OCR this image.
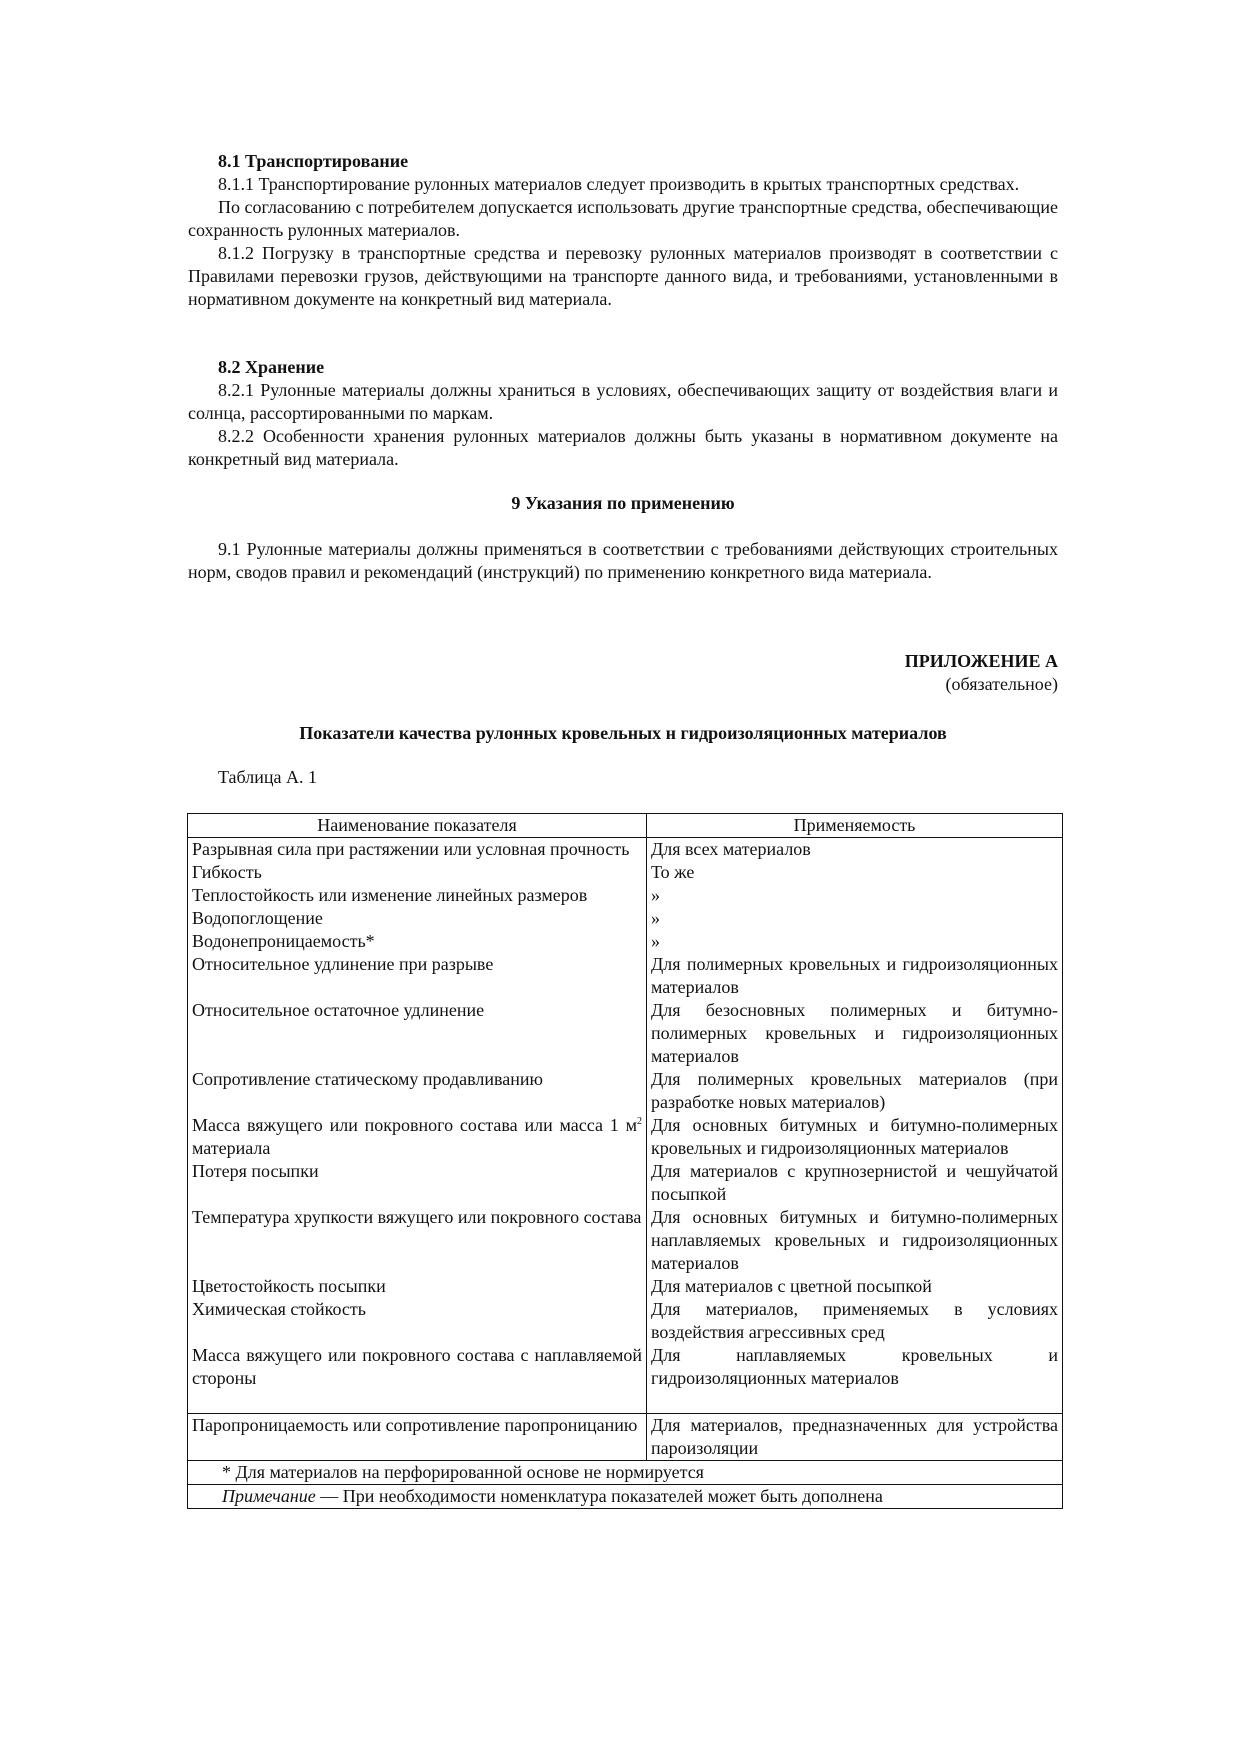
8.1 Транспортирование

8.1.1 Транспортирование рулонных материалов следует производить в крытых транспортных средствах.

По согласованию с потребителем допускается использовать другие транспортные средства, обеспечивающие сохранность рулонных материалов.

8.1.2 Погрузку в транспортные средства и перевозку рулонных материалов производят в соответствии с Правилами перевозки грузов, действующими на транспорте данного вида, и требованиями, установленными в нормативном документе на конкретный вид материала.

8.2 Хранение

8.2.1 Рулонные материалы должны храниться в условиях, обеспечивающих защиту от воздействия влаги и солнца, рассортированными по маркам.

8.2.2 Особенности хранения рулонных материалов должны быть указаны в нормативном документе на конкретный вид материала.

9 Указания по применению

9.1 Рулонные материалы должны применяться в соответствии с требованиями действующих строительных норм, сводов правил и рекомендаций (инструкций) по применению конкретного вида материала.

ПРИЛОЖЕНИЕ А

(обязательное)

Показатели качества рулонных кровельных н гидроизоляционных материалов

Таблица А. 1

Наименование показателя	Применяемость
Разрывная сила при растяжении или условная прочность	Для всех материалов
Гибкость	То же
Теплостойкость или изменение линейных размеров	»
Водопоглощение	»
Водонепроницаемость*	»
Относительное удлинение при разрыве	Для полимерных кровельных и гидроизоляционных материалов
Относительное остаточное удлинение	Для безосновных полимерных и битумно-полимерных кровельных и гидроизоляционных материалов
Сопротивление статическому продавливанию	Для полимерных кровельных материалов (при разработке новых материалов)
Масса вяжущего или покровного состава или масса 1 $м^2$ материала	Для основных битумных и битумно-полимерных кровельных и гидроизоляционных материалов
Потеря посыпки	Для материалов с крупнозернистой и чешуйчатой посыпкой
Температура хрупкости вяжущего или покровного состава	Для основных битумных и битумно-полимерных наплавляемых кровельных и гидроизоляционных материалов
Цветостойкость посыпки	Для материалов с цветной посыпкой
Химическая стойкость	Для материалов, применяемых в условиях воздействия агрессивных сред
Масса вяжущего или покровного состава с наплавляемой стороны	Для наплавляемых кровельных и гидроизоляционных материалов
Паропроницаемость или сопротивление паропроницанию	Для материалов, предназначенных для устройства пароизоляции
* Для материалов на перфорированной основе не нормируется	
Примечание — При необходимости номенклатура показателей может быть дополнена	
